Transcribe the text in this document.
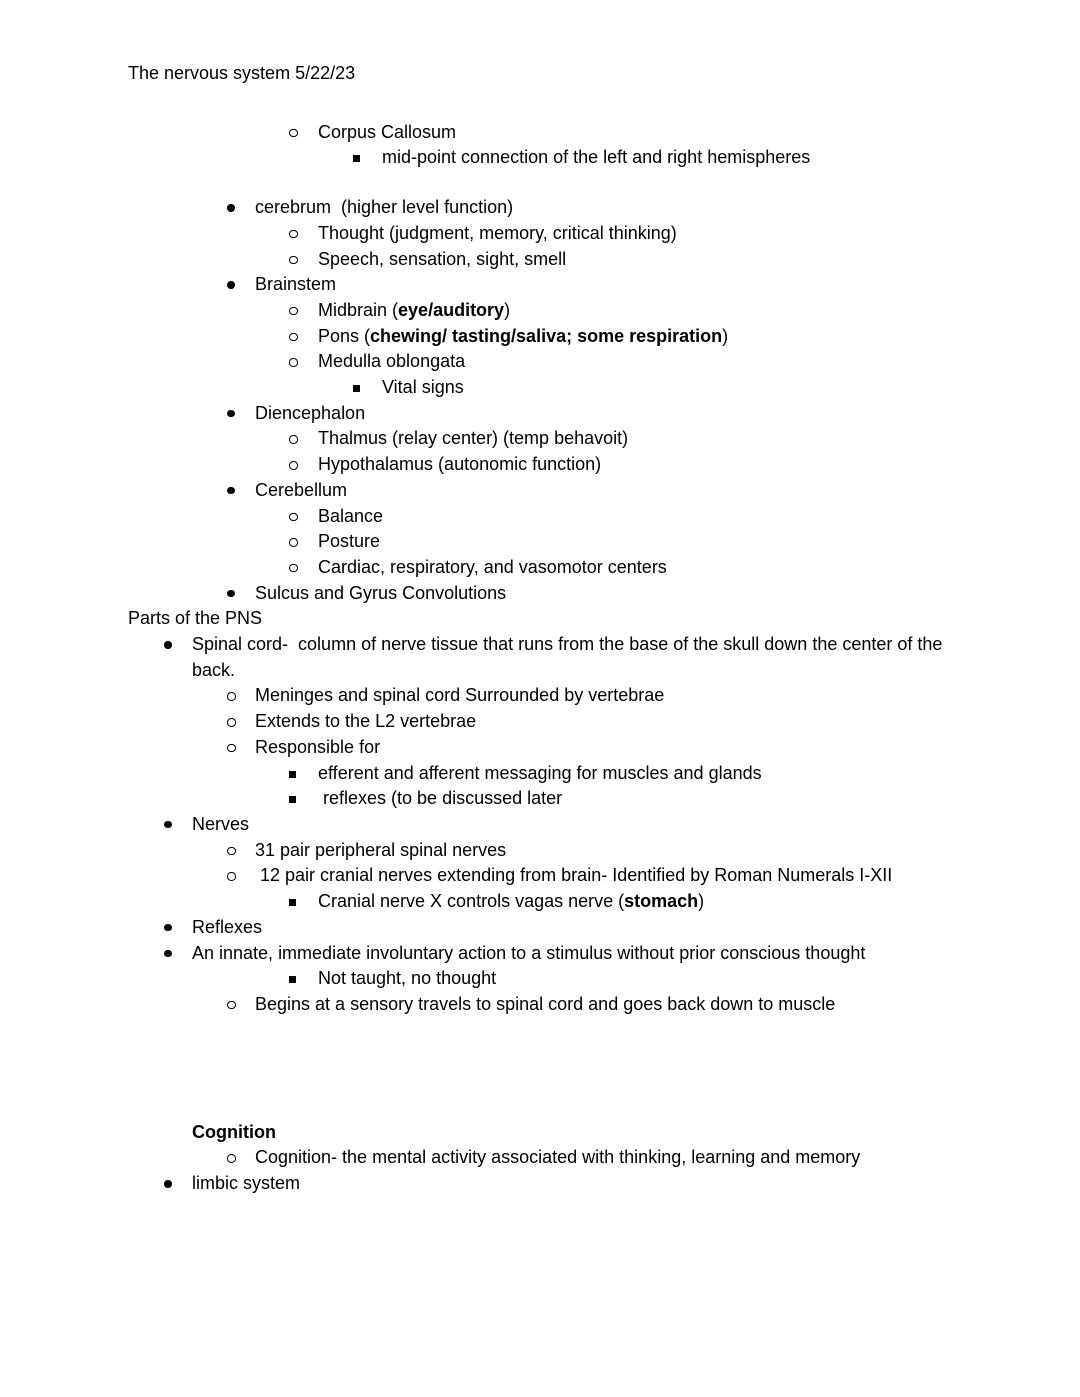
The nervous system 5/22/23
Corpus Callosum
mid-point connection of the left and right hemispheres
cerebrum  (higher level function)
Thought (judgment, memory, critical thinking)
Speech, sensation, sight, smell
Brainstem
Midbrain (eye/auditory)
Pons (chewing/ tasting/saliva; some respiration)
Medulla oblongata
Vital signs
Diencephalon
Thalmus (relay center) (temp behavoit)
Hypothalamus (autonomic function)
Cerebellum
Balance
Posture
Cardiac, respiratory, and vasomotor centers
Sulcus and Gyrus Convolutions
Parts of the PNS
Spinal cord-  column of nerve tissue that runs from the base of the skull down the center of the back.
Meninges and spinal cord Surrounded by vertebrae
Extends to the L2 vertebrae
Responsible for
efferent and afferent messaging for muscles and glands
reflexes (to be discussed later
Nerves
31 pair peripheral spinal nerves
12 pair cranial nerves extending from brain- Identified by Roman Numerals I-XII
Cranial nerve X controls vagas nerve (stomach)
Reflexes
An innate, immediate involuntary action to a stimulus without prior conscious thought
Not taught, no thought
Begins at a sensory travels to spinal cord and goes back down to muscle
Cognition
Cognition- the mental activity associated with thinking, learning and memory
limbic system
